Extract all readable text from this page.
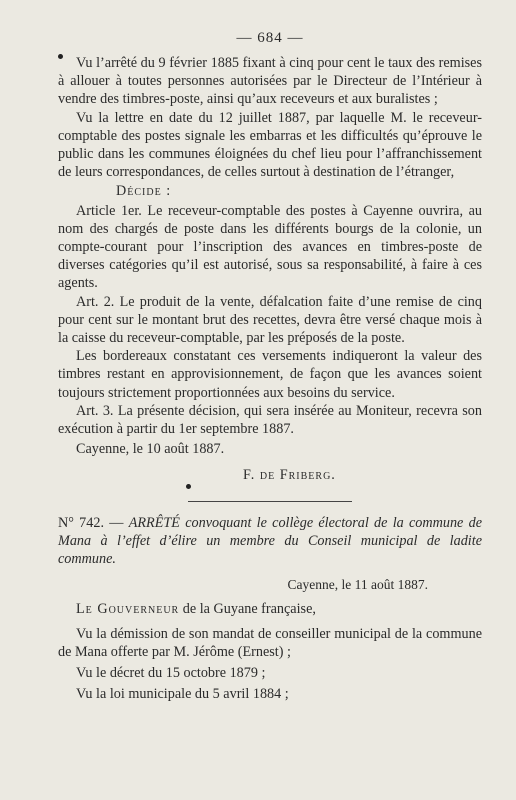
— 684 —

Vu l’arrêté du 9 février 1885 fixant à cinq pour cent le taux des remises à allouer à toutes personnes autorisées par le Directeur de l’Intérieur à vendre des timbres-poste, ainsi qu’aux receveurs et aux buralistes ;

Vu la lettre en date du 12 juillet 1887, par laquelle M. le receveur-comptable des postes signale les embarras et les difficultés qu’éprouve le public dans les communes éloignées du chef lieu pour l’affranchissement de leurs correspondances, de celles surtout à destination de l’étranger,

Décide :

Article 1er. Le receveur-comptable des postes à Cayenne ouvrira, au nom des chargés de poste dans les différents bourgs de la colonie, un compte-courant pour l’inscription des avances en timbres-poste de diverses catégories qu’il est autorisé, sous sa responsabilité, à faire à ces agents.

Art. 2. Le produit de la vente, défalcation faite d’une remise de cinq pour cent sur le montant brut des recettes, devra être versé chaque mois à la caisse du receveur-comptable, par les préposés de la poste.

Les bordereaux constatant ces versements indiqueront la valeur des timbres restant en approvisionnement, de façon que les avances soient toujours strictement proportionnées aux besoins du service.

Art. 3. La présente décision, qui sera insérée au Moniteur, recevra son exécution à partir du 1er septembre 1887.

Cayenne, le 10 août 1887.

F. de Friberg.

N° 742. — ARRÊTÉ convoquant le collège électoral de la commune de Mana à l’effet d’élire un membre du Conseil municipal de ladite commune.

Cayenne, le 11 août 1887.

Le Gouverneur de la Guyane française,

Vu la démission de son mandat de conseiller municipal de la commune de Mana offerte par M. Jérôme (Ernest) ;

Vu le décret du 15 octobre 1879 ;

Vu la loi municipale du 5 avril 1884 ;
